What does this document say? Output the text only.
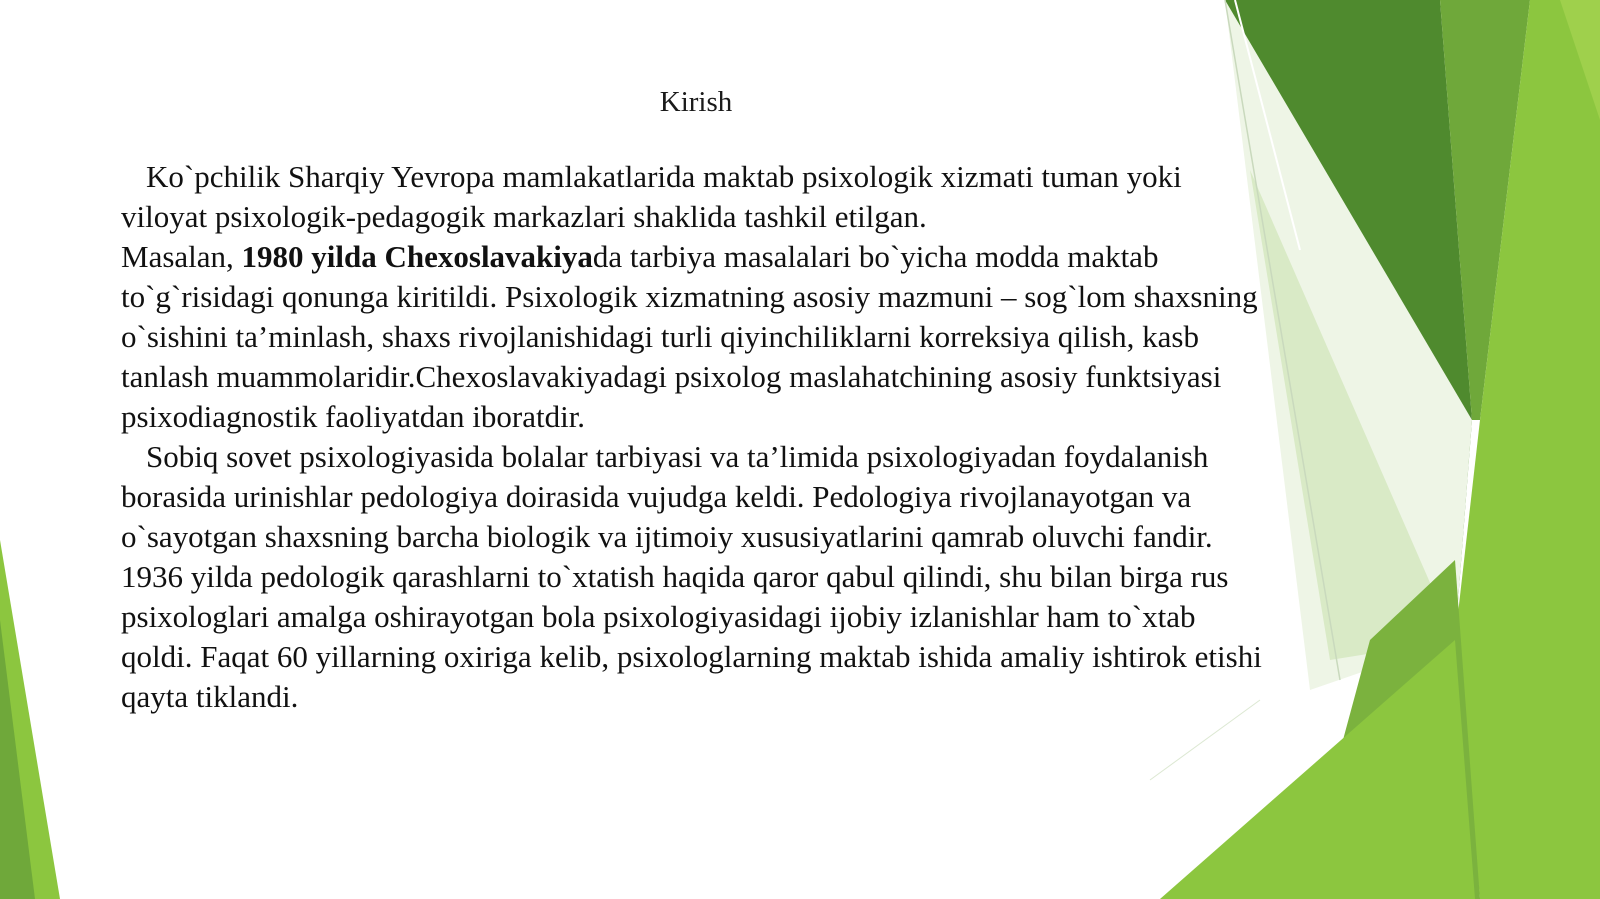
Kirish

Ko`pchilik Sharqiy Yevropa mamlakatlarida maktab psixologik xizmati tuman yoki viloyat psixologik-pedagogik markazlari shaklida tashkil etilgan.
Masalan, 1980 yilda Chexoslavakiyada tarbiya masalalari bo`yicha modda maktab to`g`risidagi qonunga kiritildi. Psixologik xizmatning asosiy mazmuni – sog`lom shaxsning o`sishini ta’minlash, shaxs rivojlanishidagi turli qiyinchiliklarni korreksiya qilish, kasb tanlash muammolaridir.Chexoslavakiyadagi psixolog maslahatchining asosiy funktsiyasi psixodiagnostik faoliyatdan iboratdir.

Sobiq sovet psixologiyasida bolalar tarbiyasi va ta’limida psixologiyadan foydalanish borasida urinishlar pedologiya doirasida vujudga keldi. Pedologiya rivojlanayotgan va o`sayotgan shaxsning barcha biologik va ijtimoiy xususiyatlarini qamrab oluvchi fandir. 1936 yilda pedologik qarashlarni to`xtatish haqida qaror qabul qilindi, shu bilan birga rus psixologlari amalga oshirayotgan bola psixologiyasidagi ijobiy izlanishlar ham to`xtab qoldi. Faqat 60 yillarning oxiriga kelib, psixologlarning maktab ishida amaliy ishtirok etishi qayta tiklandi.
